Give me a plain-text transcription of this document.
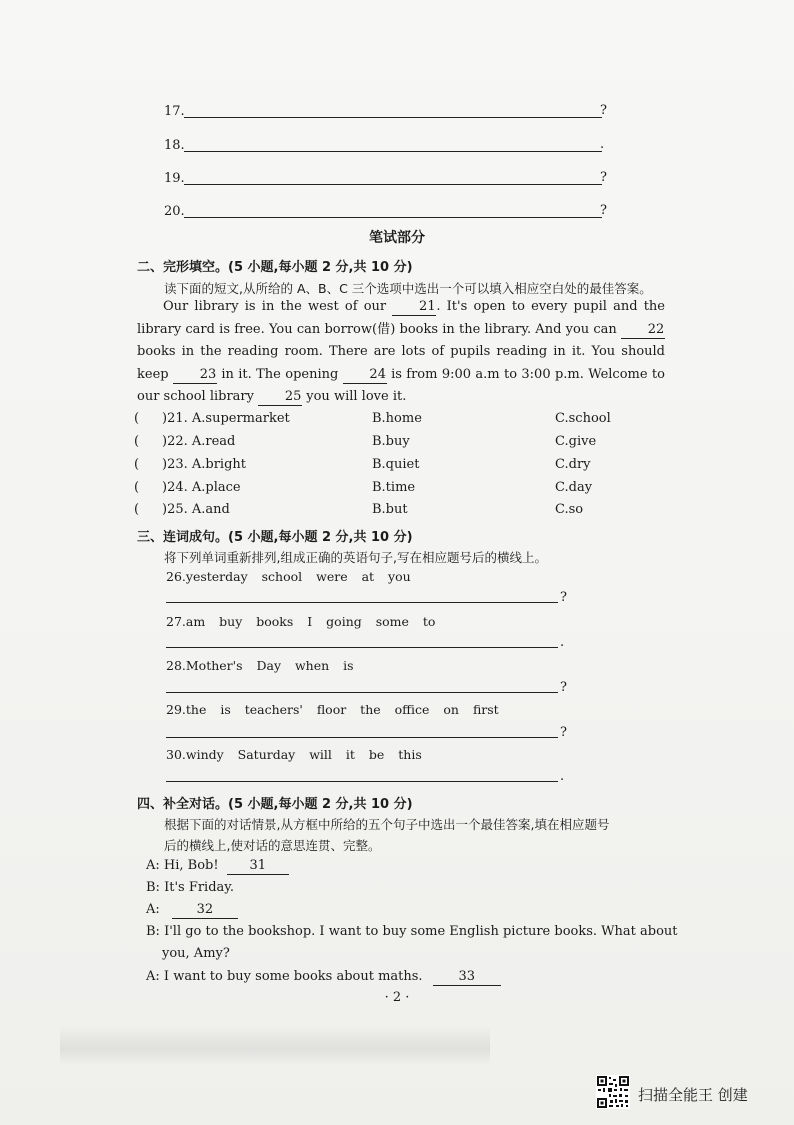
17.	?
18.	.
19.	?
20.	?
笔试部分
二、完形填空。(5 小题,每小题 2 分,共 10 分)
读下面的短文,从所给的 A、B、C 三个选项中选出一个可以填入相应空白处的最佳答案。
Our library is in the west of our	21. It's open to every pupil and the library card is free. You can borrow(借) books in the library. And you can 22 books in the reading room. There are lots of pupils reading in it. You should keep 23 in it. The opening 24 is from 9:00 a.m to 3:00 p.m. Welcome to our school library 25 you will love it.
( )21. A.supermarket	B.home	C.school
( )22. A.read	B.buy	C.give
( )23. A.bright	B.quiet	C.dry
( )24. A.place	B.time	C.day
( )25. A.and	B.but	C.so
三、连词成句。(5 小题,每小题 2 分,共 10 分)
将下列单词重新排列,组成正确的英语句子,写在相应题号后的横线上。
26.yesterday school were at you
?
27.am buy books I going some to
.
28.Mother's Day when is
?
29.the is teachers' floor the office on first
?
30.windy Saturday will it be this
.
四、补全对话。(5 小题,每小题 2 分,共 10 分)
根据下面的对话情景,从方框中所给的五个句子中选出一个最佳答案,填在相应题号
后的横线上,使对话的意思连贯、完整。
A: Hi, Bob! 31
B: It's Friday.
A:	32
B: I'll go to the bookshop. I want to buy some English picture books. What about
you, Amy?
A: I want to buy some books about maths.	33
· 2 ·
扫描全能王 创建
